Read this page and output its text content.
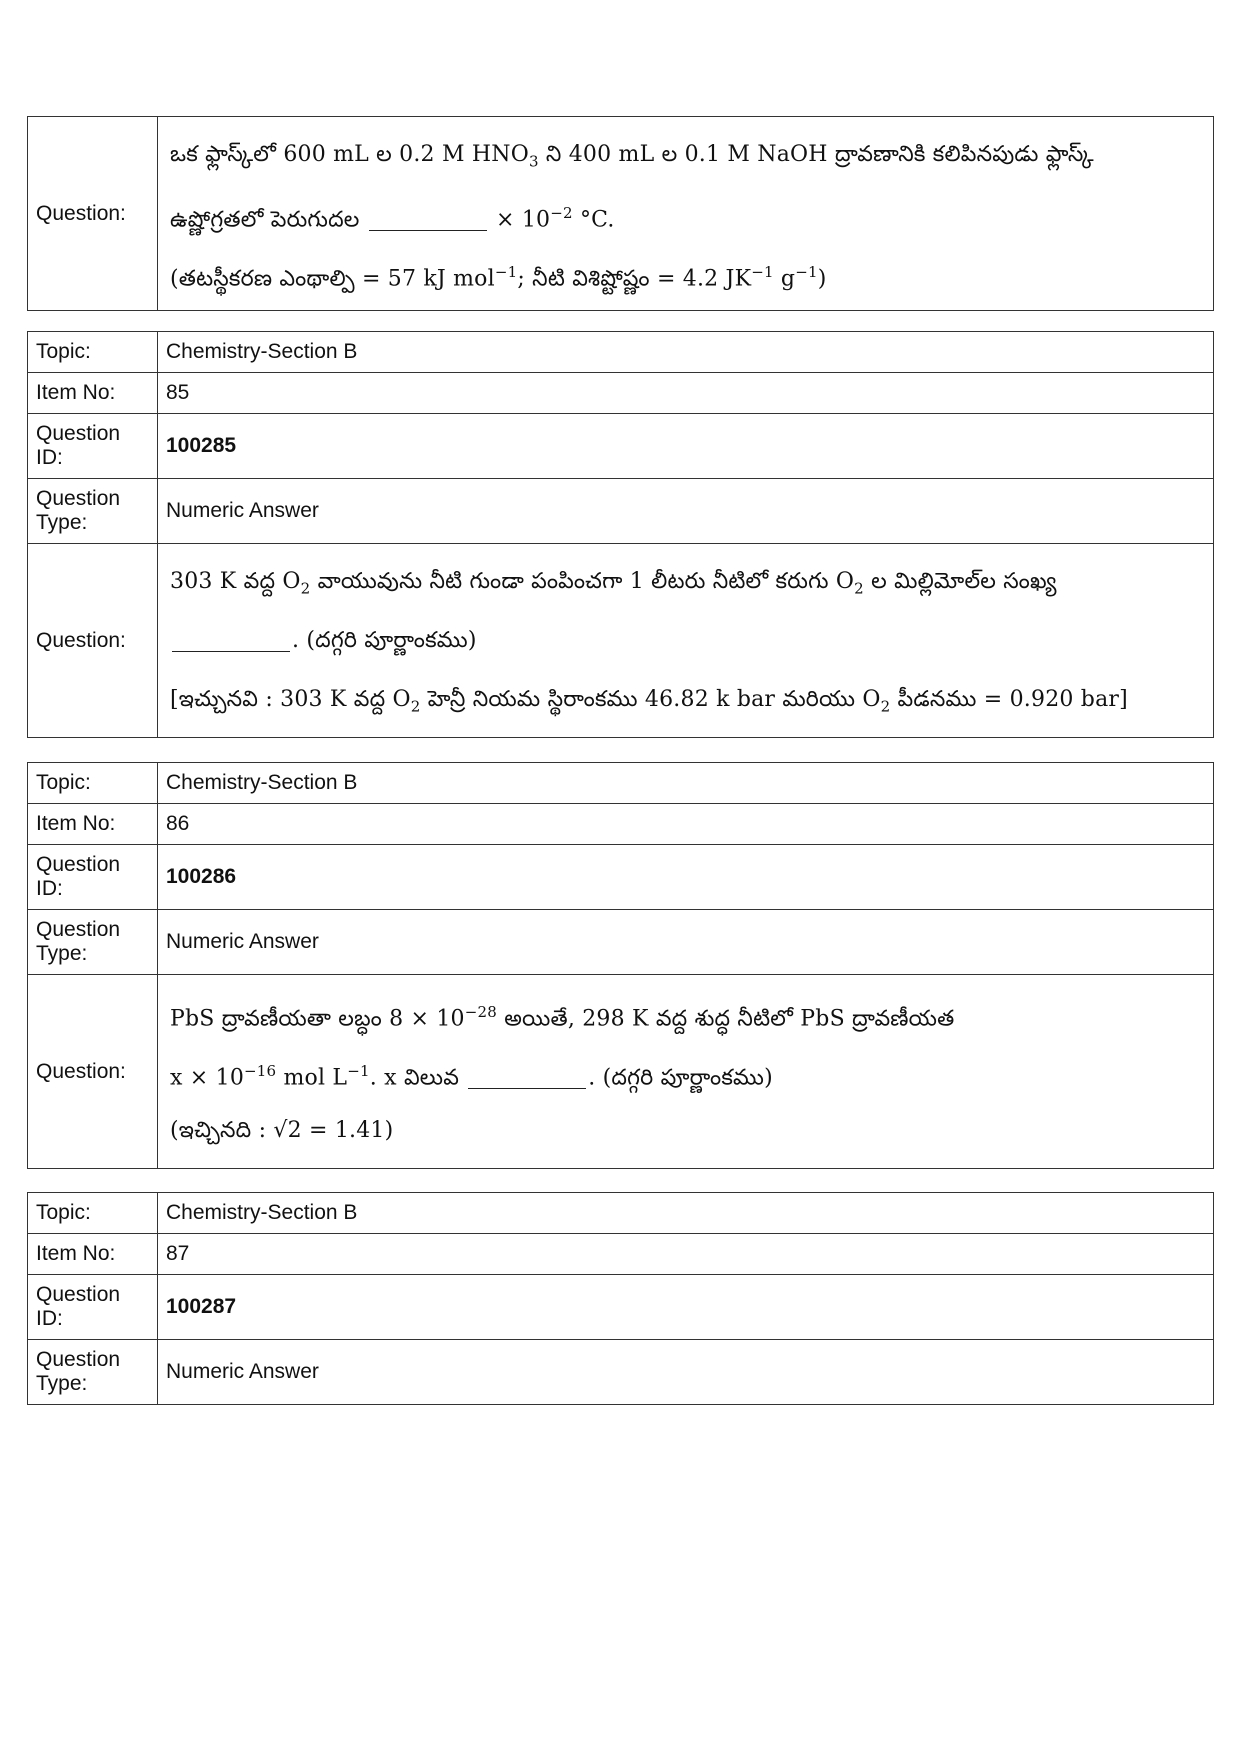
Question:	
ఒక ఫ్లాస్క్‌లో 600 mL ల 0.2 M $HNO_3$ ని 400 mL ల 0.1 M NaOH ద్రావణానికి కలిపినపుడు ఫ్లాస్క్
ఉష్ణోగ్రతలో పెరుగుదల	× $10^{-2}$ °C.
(తటస్థీకరణ ఎంథాల్పి = 57 kJ mol$^{-1}$; నీటి విశిష్టోష్ణం = 4.2 $JK^{-1}$ $g^{-1}$)
Topic:	Chemistry-Section B
Item No:	85
Question
ID:	100285
Question
Type:	Numeric Answer
Question:	303 K వద్ద $O_2$ వాయువును నీటి గుండా పంపించగా 1 లీటరు నీటిలో కరుగు $O_2$ ల మిల్లిమోల్‌ల సంఖ్య
. (దగ్గరి పూర్ణాంకము)
[ఇచ్చునవి : 303 K వద్ద $O_2$ హెన్రీ నియమ స్థిరాంకము 46.82 k bar మరియు $O_2$ పీడనము = 0.920 bar]
Topic:	Chemistry-Section B
Item No:	86
Question
ID:	100286
Question
Type:	Numeric Answer
Question:	PbS ద్రావణీయతా లబ్ధం $8 \times 10^{-28}$ అయితే, 298 K వద్ద శుద్ధ నీటిలో PbS ద్రావణీయత
$x \times 10^{-16}$ mol $L^{-1}$. x విలువ . (దగ్గరి పూర్ణాంకము)
(ఇచ్చినది : √2 = 1.41)
Topic:	Chemistry-Section B
Item No:	87
Question
ID:	100287
Question
Type:	Numeric Answer
